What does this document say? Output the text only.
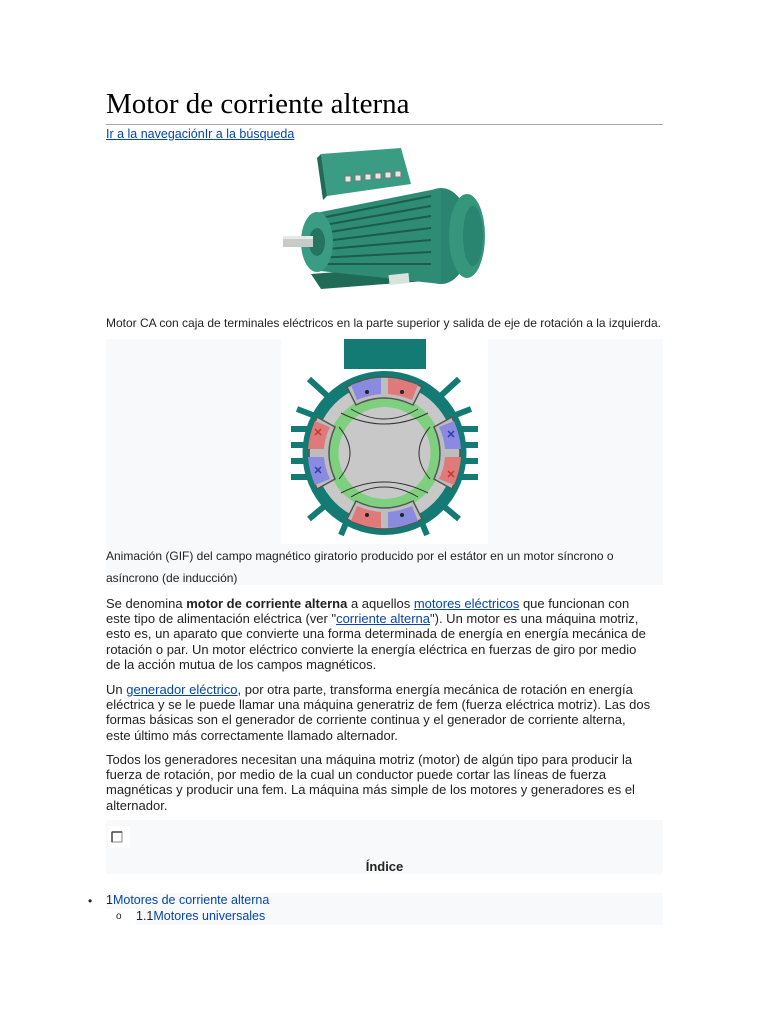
Motor de corriente alterna
Ir a la navegaciónIr a la búsqueda
Motor CA con caja de terminales eléctricos en la parte superior y salida de eje de rotación a la izquierda.
Animación (GIF) del campo magnético giratorio producido por el estátor en un motor síncrono o asíncrono (de inducción)

Se denomina motor de corriente alterna a aquellos motores eléctricos que funcionan con este tipo de alimentación eléctrica (ver "corriente alterna"). Un motor es una máquina motriz, esto es, un aparato que convierte una forma determinada de energía en energía mecánica de rotación o par. Un motor eléctrico convierte la energía eléctrica en fuerzas de giro por medio de la acción mutua de los campos magnéticos.

Un generador eléctrico, por otra parte, transforma energía mecánica de rotación en energía eléctrica y se le puede llamar una máquina generatriz de fem (fuerza eléctrica motriz). Las dos formas básicas son el generador de corriente continua y el generador de corriente alterna, este último más correctamente llamado alternador.

Todos los generadores necesitan una máquina motriz (motor) de algún tipo para producir la fuerza de rotación, por medio de la cual un conductor puede cortar las líneas de fuerza magnéticas y producir una fem. La máquina más simple de los motores y generadores es el alternador.

Índice
• 1Motores de corriente alterna
o 1.1Motores universales
